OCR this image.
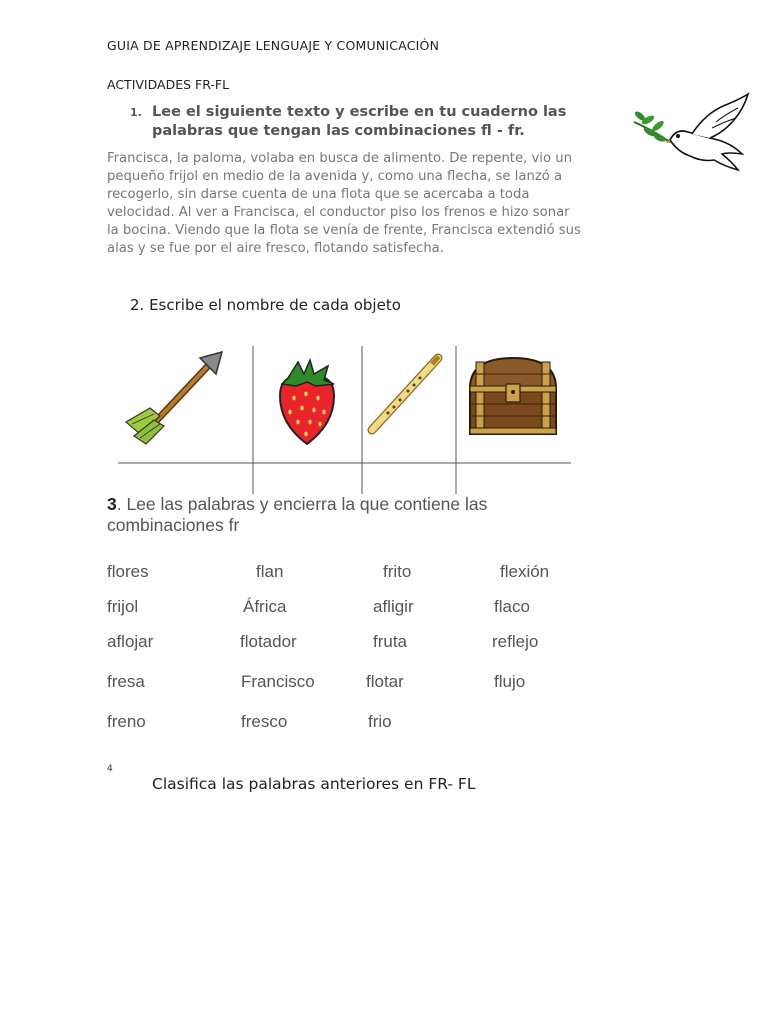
GUIA DE APRENDIZAJE LENGUAJE Y COMUNICACIÓN
ACTIVIDADES FR-FL
1. Lee el siguiente texto y escribe en tu cuaderno las
palabras que tengan las combinaciones fl - fr.
Francisca, la paloma, volaba en busca de alimento. De repente, vio un
pequeño frijol en medio de la avenida y, como una flecha, se lanzó a
recogerlo, sin darse cuenta de una flota que se acercaba a toda
velocidad. Al ver a Francisca, el conductor piso los frenos e hizo sonar
la bocina. Viendo que la flota se venía de frente, Francisca extendió sus
alas y se fue por el aire fresco, flotando satisfecha.
2. Escribe el nombre de cada objeto
3. Lee las palabras y encierra la que contiene las
combinaciones fr
flores	flan	frito	flexión
frijol	África	afligir	flaco
aflojar	flotador	fruta	reflejo
fresa	Francisco	flotar	flujo
freno	fresco	frio
4
Clasifica las palabras anteriores en FR- FL
